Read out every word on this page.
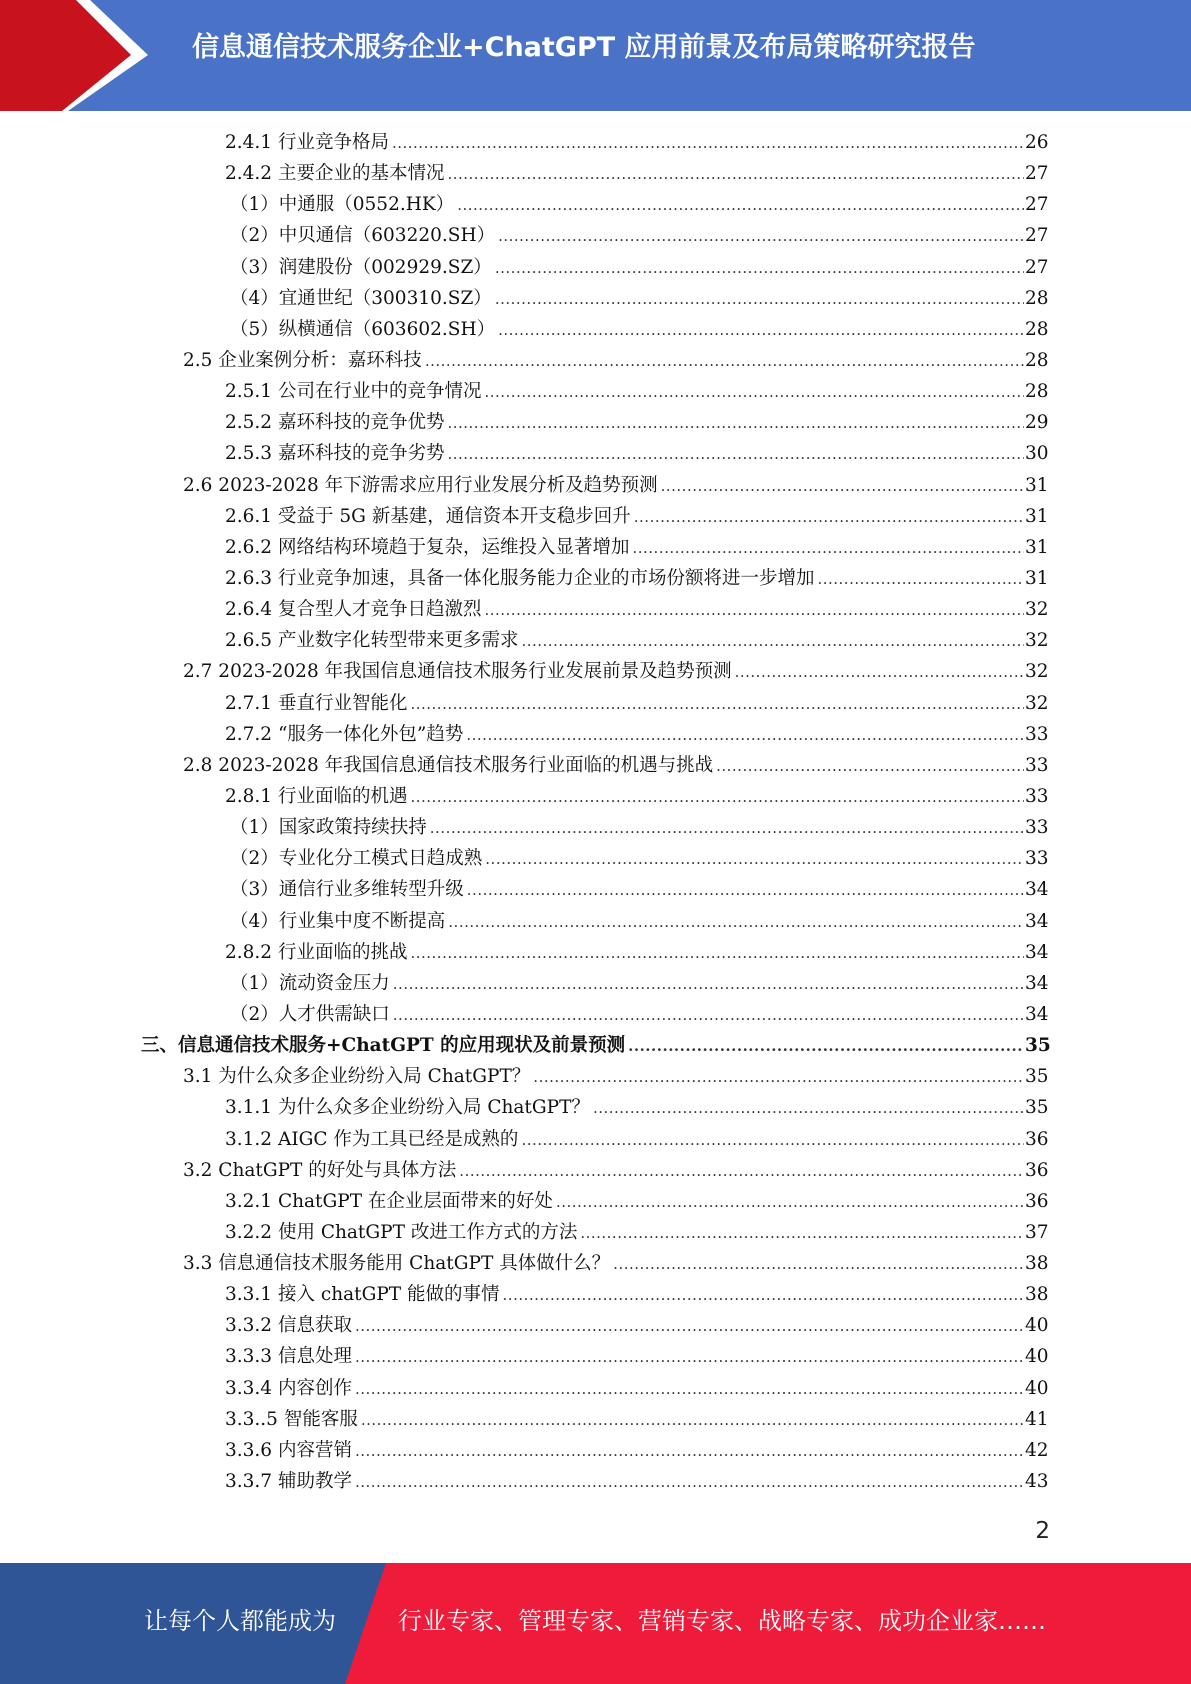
信息通信技术服务企业+ChatGPT 应用前景及布局策略研究报告
2.4.1 行业竞争格局 .....	26
2.4.2 主要企业的基本情况 .....	27
（1）中通服（0552.HK） .....	27
（2）中贝通信（603220.SH） .....	27
（3）润建股份（002929.SZ） .....	27
（4）宜通世纪（300310.SZ） .....	28
（5）纵横通信（603602.SH） .....	28
2.5 企业案例分析：嘉环科技 .....	28
2.5.1 公司在行业中的竞争情况 .....	28
2.5.2 嘉环科技的竞争优势 .....	29
2.5.3 嘉环科技的竞争劣势 .....	30
2.6 2023-2028 年下游需求应用行业发展分析及趋势预测 .....	31
2.6.1 受益于 5G 新基建，通信资本开支稳步回升 .....	31
2.6.2 网络结构环境趋于复杂，运维投入显著增加 .....	31
2.6.3 行业竞争加速，具备一体化服务能力企业的市场份额将进一步增加 .....	31
2.6.4 复合型人才竞争日趋激烈 .....	32
2.6.5 产业数字化转型带来更多需求 .....	32
2.7 2023-2028 年我国信息通信技术服务行业发展前景及趋势预测 .....	32
2.7.1 垂直行业智能化 .....	32
2.7.2 “服务一体化外包”趋势 .....	33
2.8 2023-2028 年我国信息通信技术服务行业面临的机遇与挑战 .....	33
2.8.1 行业面临的机遇 .....	33
（1）国家政策持续扶持 .....	33
（2）专业化分工模式日趋成熟 .....	33
（3）通信行业多维转型升级 .....	34
（4）行业集中度不断提高 .....	34
2.8.2 行业面临的挑战 .....	34
（1）流动资金压力 .....	34
（2）人才供需缺口 .....	34
三、信息通信技术服务+ChatGPT 的应用现状及前景预测 .....	35
3.1 为什么众多企业纷纷入局 ChatGPT？ .....	35
3.1.1 为什么众多企业纷纷入局 ChatGPT？ .....	35
3.1.2 AIGC 作为工具已经是成熟的 .....	36
3.2 ChatGPT 的好处与具体方法 .....	36
3.2.1 ChatGPT 在企业层面带来的好处 .....	36
3.2.2 使用 ChatGPT 改进工作方式的方法 .....	37
3.3 信息通信技术服务能用 ChatGPT 具体做什么？ .....	38
3.3.1 接入 chatGPT 能做的事情 .....	38
3.3.2 信息获取 .....	40
3.3.3 信息处理 .....	40
3.3.4 内容创作 .....	40
3.3..5 智能客服 .....	41
3.3.6 内容营销 .....	42
3.3.7 辅助教学 .....	43
2
让每个人都能成为	行业专家、管理专家、营销专家、战略专家、成功企业家……
